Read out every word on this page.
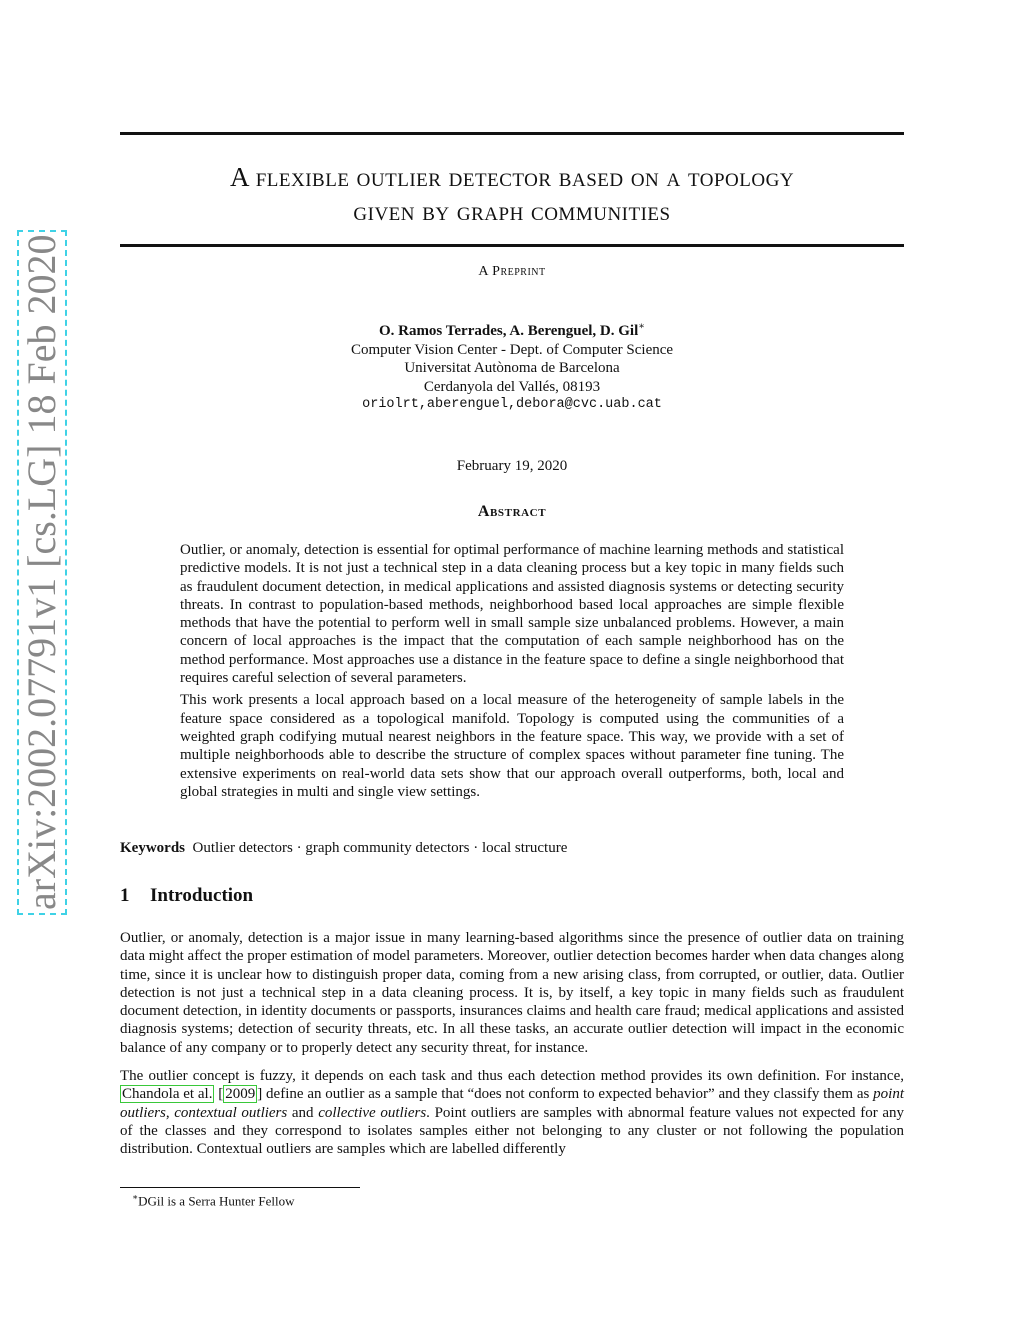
arXiv:2002.07791v1 [cs.LG] 18 Feb 2020
A flexible outlier detector based on a topology
given by graph communities
A Preprint
O. Ramos Terrades, A. Berenguel, D. Gil∗
Computer Vision Center - Dept. of Computer Science
Universitat Autònoma de Barcelona
Cerdanyola del Vallés, 08193
oriolrt,aberenguel,debora@cvc.uab.cat
February 19, 2020
Abstract

Outlier, or anomaly, detection is essential for optimal performance of machine learning methods and statistical predictive models. It is not just a technical step in a data cleaning process but a key topic in many fields such as fraudulent document detection, in medical applications and assisted diagnosis systems or detecting security threats. In contrast to population-based methods, neighborhood based local approaches are simple flexible methods that have the potential to perform well in small sample size unbalanced problems. However, a main concern of local approaches is the impact that the computation of each sample neighborhood has on the method performance. Most approaches use a distance in the feature space to define a single neighborhood that requires careful selection of several parameters.

This work presents a local approach based on a local measure of the heterogeneity of sample labels in the feature space considered as a topological manifold. Topology is computed using the communities of a weighted graph codifying mutual nearest neighbors in the feature space. This way, we provide with a set of multiple neighborhoods able to describe the structure of complex spaces without parameter fine tuning. The extensive experiments on real-world data sets show that our approach overall outperforms, both, local and global strategies in multi and single view settings.

Keywords Outlier detectors · graph community detectors · local structure
1 Introduction

Outlier, or anomaly, detection is a major issue in many learning-based algorithms since the presence of outlier data on training data might affect the proper estimation of model parameters. Moreover, outlier detection becomes harder when data changes along time, since it is unclear how to distinguish proper data, coming from a new arising class, from corrupted, or outlier, data. Outlier detection is not just a technical step in a data cleaning process. It is, by itself, a key topic in many fields such as fraudulent document detection, in identity documents or passports, insurances claims and health care fraud; medical applications and assisted diagnosis systems; detection of security threats, etc. In all these tasks, an accurate outlier detection will impact in the economic balance of any company or to properly detect any security threat, for instance.

The outlier concept is fuzzy, it depends on each task and thus each detection method provides its own definition. For instance, Chandola et al. [ 2009 ] define an outlier as a sample that “does not conform to expected behavior” and they classify them as point outliers, contextual outliers and collective outliers. Point outliers are samples with abnormal feature values not expected for any of the classes and they correspond to isolates samples either not belonging to any cluster or not following the population distribution. Contextual outliers are samples which are labelled differently

∗DGil is a Serra Hunter Fellow
